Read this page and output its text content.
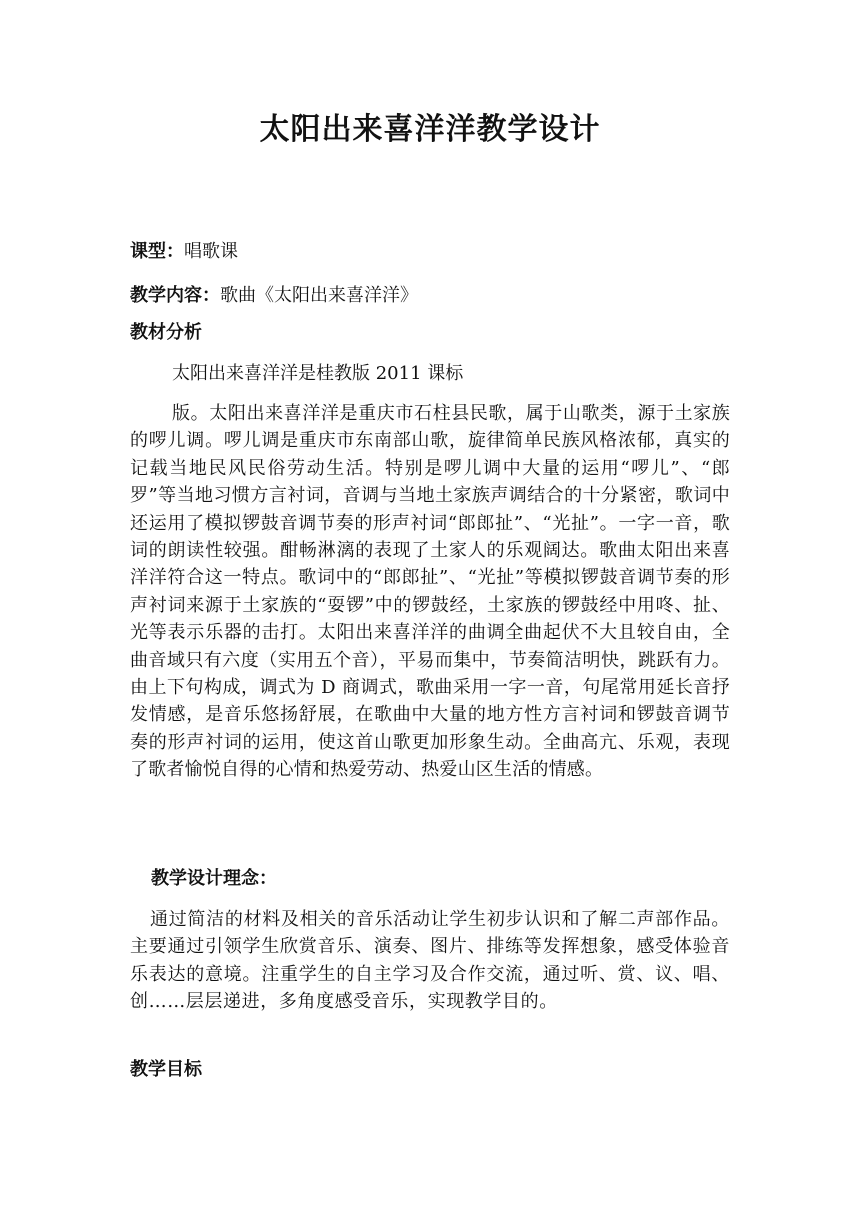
太阳出来喜洋洋教学设计
课型：唱歌课
教学内容：歌曲《太阳出来喜洋洋》
教材分析
太阳出来喜洋洋是桂教版 2011 课标
版。太阳出来喜洋洋是重庆市石柱县民歌，属于山歌类，源于土家族的啰儿调。啰儿调是重庆市东南部山歌，旋律简单民族风格浓郁，真实的记载当地民风民俗劳动生活。特别是啰儿调中大量的运用“啰儿”、“郎罗”等当地习惯方言衬词，音调与当地土家族声调结合的十分紧密，歌词中还运用了模拟锣鼓音调节奏的形声衬词“郎郎扯”、“光扯”。一字一音，歌词的朗读性较强。酣畅淋漓的表现了土家人的乐观阔达。歌曲太阳出来喜洋洋符合这一特点。歌词中的“郎郎扯”、“光扯”等模拟锣鼓音调节奏的形声衬词来源于土家族的“耍锣”中的锣鼓经，土家族的锣鼓经中用咚、扯、光等表示乐器的击打。太阳出来喜洋洋的曲调全曲起伏不大且较自由，全曲音域只有六度（实用五个音），平易而集中，节奏简洁明快，跳跃有力。由上下句构成，调式为 D 商调式，歌曲采用一字一音，句尾常用延长音抒发情感，是音乐悠扬舒展，在歌曲中大量的地方性方言衬词和锣鼓音调节奏的形声衬词的运用，使这首山歌更加形象生动。全曲高亢、乐观，表现了歌者愉悦自得的心情和热爱劳动、热爱山区生活的情感。
教学设计理念：
通过简洁的材料及相关的音乐活动让学生初步认识和了解二声部作品。主要通过引领学生欣赏音乐、演奏、图片、排练等发挥想象，感受体验音乐表达的意境。注重学生的自主学习及合作交流，通过听、赏、议、唱、创……层层递进，多角度感受音乐，实现教学目的。
教学目标
